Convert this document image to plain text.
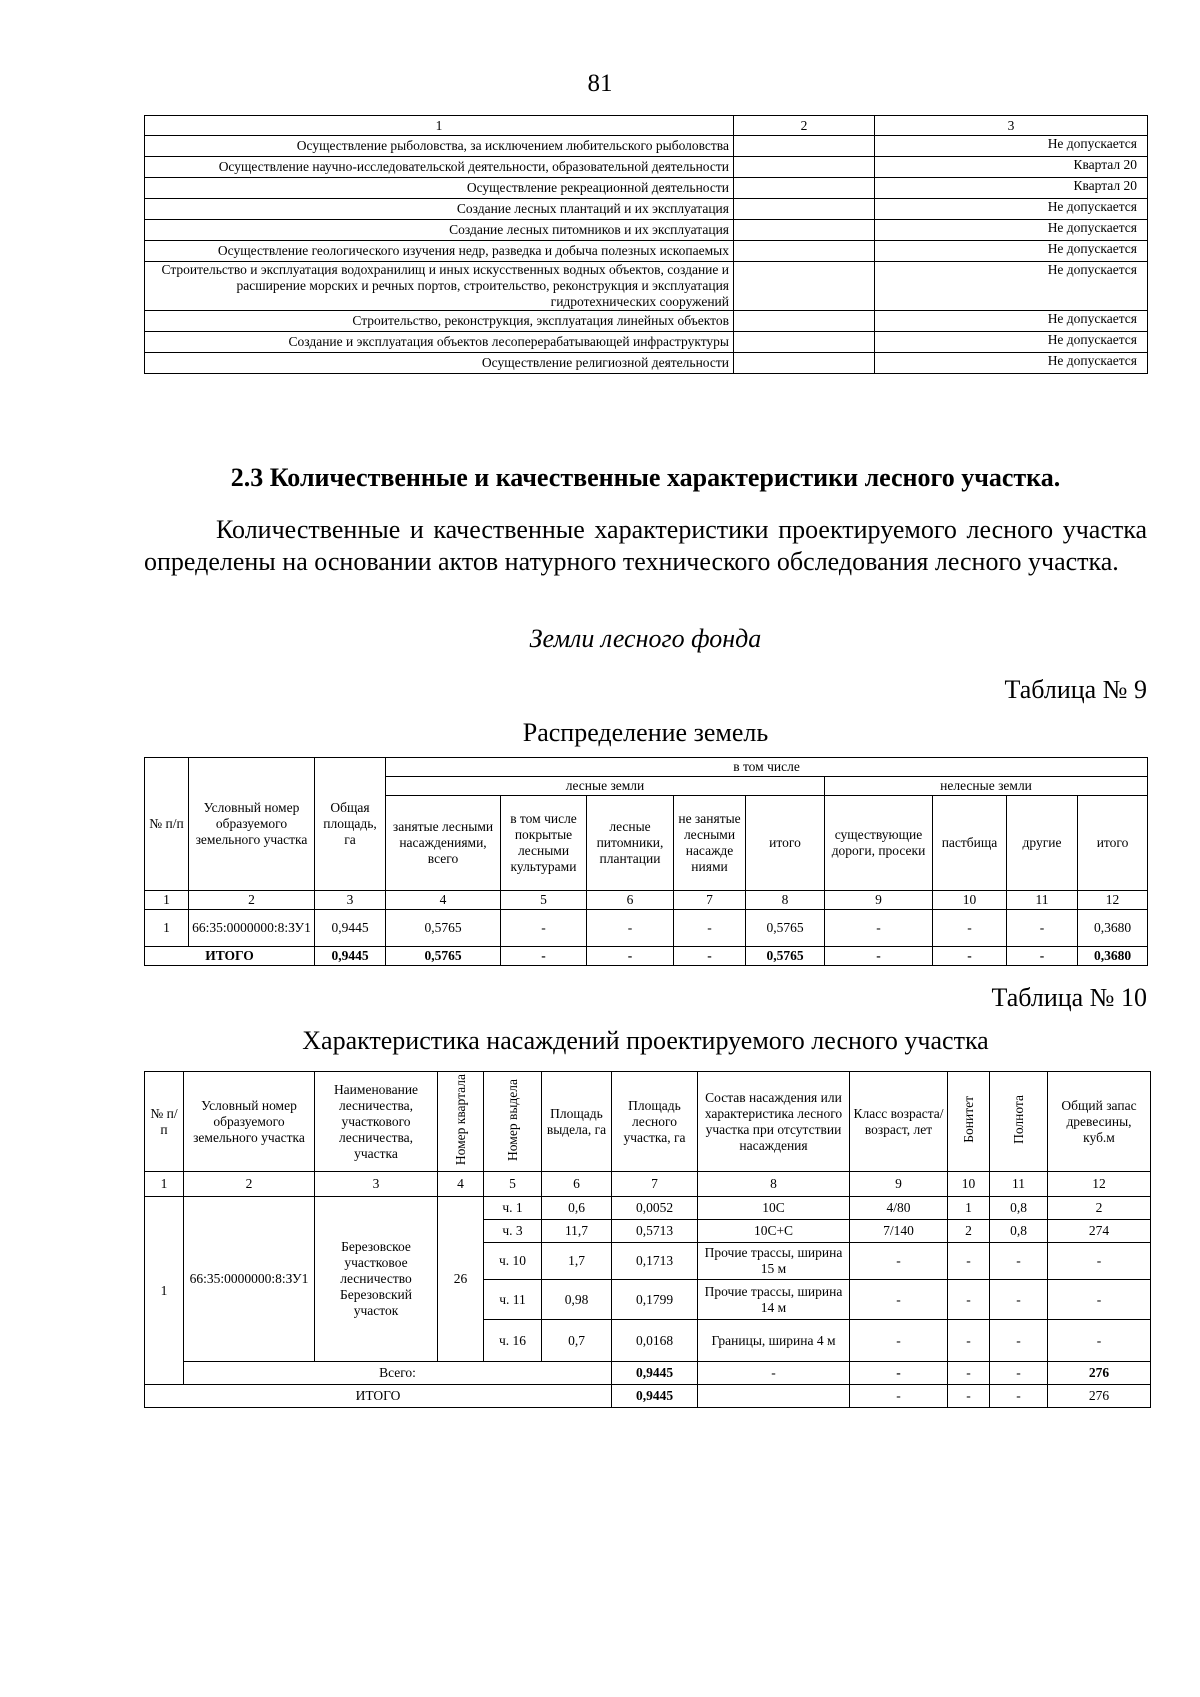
81
1	2	3
Осуществление рыболовства, за исключением любительского рыболовства		Не допускается
Осуществление научно-исследовательской деятельности, образовательной деятельности		Квартал 20
Осуществление рекреационной деятельности		Квартал 20
Создание лесных плантаций и их эксплуатация		Не допускается
Создание лесных питомников и их эксплуатация		Не допускается
Осуществление геологического изучения недр, разведка и добыча полезных ископаемых		Не допускается
Строительство и эксплуатация водохранилищ и иных искусственных водных объектов, создание и расширение морских и речных портов, строительство, реконструкция и эксплуатация гидротехнических сооружений		Не допускается
Строительство, реконструкция, эксплуатация линейных объектов		Не допускается
Создание и эксплуатация объектов лесоперерабатывающей инфраструктуры		Не допускается
Осуществление религиозной деятельности		Не допускается
2.3 Количественные и качественные характеристики лесного участка.
Количественные и качественные характеристики проектируемого лесного участка определены на основании актов натурного технического обследования лесного участка.
Земли лесного фонда
Таблица № 9
Распределение земель
№ п/п	Условный номер образуемого земельного участка	Общая площадь, га	в том числе								
			лесные земли					нелесные земли			
			занятые лесными насаждениями, всего	в том числе покрытые лесными культурами	лесные питомники, плантации	не занятые лесными насажде ниями	итого	существующие дороги, просеки	пастбища	другие	итого
1	2	3	4	5	6	7	8	9	10	11	12
1	66:35:0000000:8:ЗУ1	0,9445	0,5765	-	-	-	0,5765	-	-	-	0,3680
ИТОГО		0,9445	0,5765	-	-	-	0,5765	-	-	-	0,3680
Таблица № 10
Характеристика насаждений проектируемого лесного участка
№ п/п	Условный номер образуемого земельного участка	Наименование лесничества, участкового лесничества, участка	Номер квартала	Номер выдела	Площадь выдела, га	Площадь лесного участка, га	Состав насаждения или характеристика лесного участка при отсутствии насаждения	Класс возраста/ возраст, лет	Бонитет	Полнота	Общий запас древесины, куб.м
1	2	3	4	5	6	7	8	9	10	11	12
1	66:35:0000000:8:ЗУ1	Березовское участковое лесничество Березовский участок	26	ч. 1	0,6	0,0052	10С	4/80	1	0,8	2
				ч. 3	11,7	0,5713	10С+С	7/140	2	0,8	274
				ч. 10	1,7	0,1713	Прочие трассы, ширина 15 м	-	-	-	-
				ч. 11	0,98	0,1799	Прочие трассы, ширина 14 м	-	-	-	-
				ч. 16	0,7	0,0168	Границы, ширина 4 м	-	-	-	-
	Всего:					0,9445	-	-	-	-	276
ИТОГО						0,9445		-	-	-	276
